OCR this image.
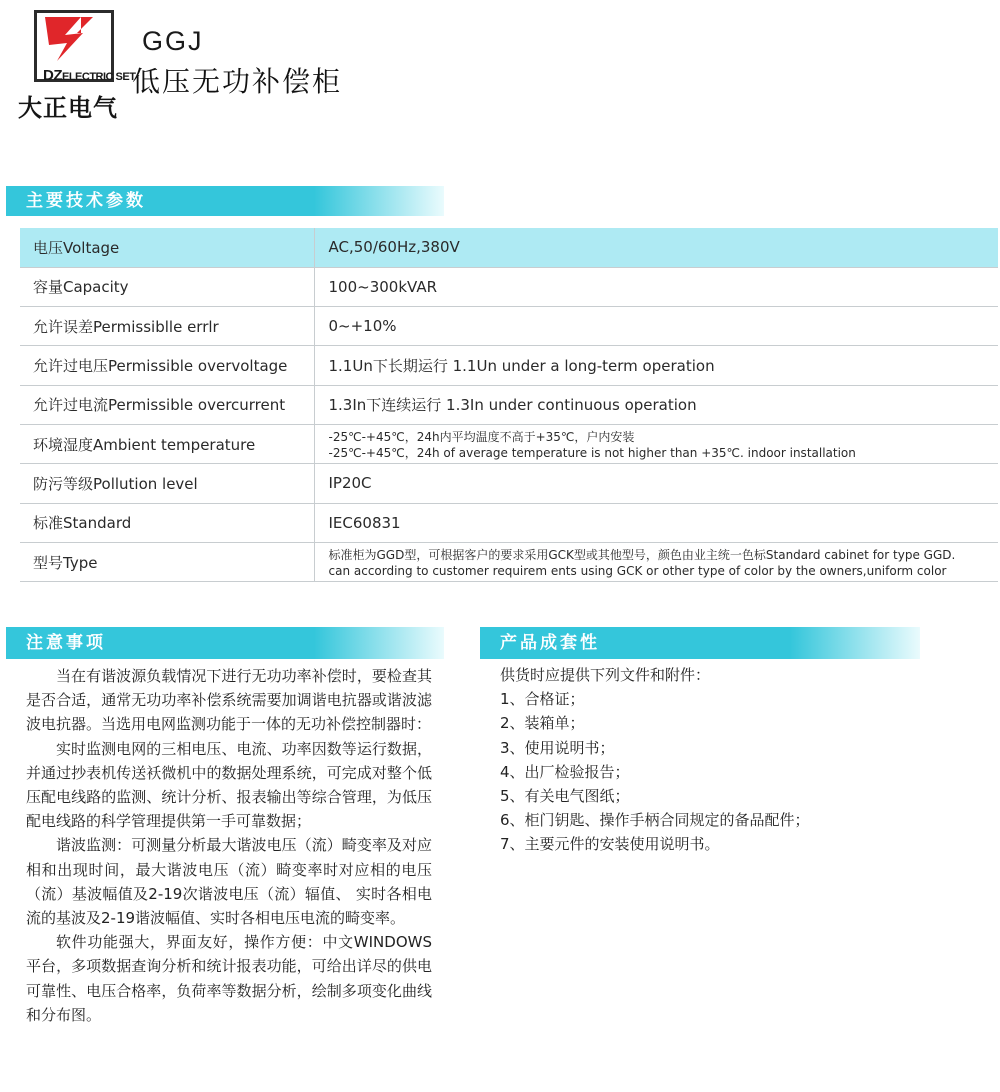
DZELECTRIC SET
大正电气
GGJ
低压无功补偿柜
主要技术参数
电压Voltage	AC,50/60Hz,380V
容量Capacity	100~300kVAR
允许误差Permissiblle errlr	0~+10%
允许过电压Permissible overvoltage	1.1Un下长期运行 1.1Un under a long-term operation
允许过电流Permissible overcurrent	1.3In下连续运行 1.3In under continuous operation
环境湿度Ambient temperature	-25℃-+45℃，24h内平均温度不高于+35℃，户内安装
-25℃-+45℃，24h of average temperature is not higher than +35℃. indoor installation

防污等级Pollution level	IP20C
标准Standard	IEC60831
型号Type	标准柜为GGD型，可根据客户的要求采用GCK型或其他型号，颜色由业主统一色标Standard cabinet for type GGD.
can according to customer requirem ents using GCK or other type of color by the owners,uniform color
注意事项

当在有谐波源负载情况下进行无功功率补偿时，要检查其是否合适，通常无功功率补偿系统需要加调谐电抗器或谐波滤波电抗器。当选用电网监测功能于一体的无功补偿控制器时：

实时监测电网的三相电压、电流、功率因数等运行数据，并通过抄表机传送袄微机中的数据处理系统，可完成对整个低压配电线路的监测、统计分析、报表输出等综合管理，为低压配电线路的科学管理提供第一手可靠数据；

谐波监测：可测量分析最大谐波电压（流）畸变率及对应相和出现时间，最大谐波电压（流）畸变率时对应相的电压（流）基波幅值及2-19次谐波电压（流）辐值、 实时各相电流的基波及2-19谐波幅值、实时各相电压电流的畸变率。

软件功能强大，界面友好，操作方便：中文WINDOWS平台，多项数据查询分析和统计报表功能，可给出详尽的供电可靠性、电压合格率，负荷率等数据分析，绘制多项变化曲线和分布图。

产品成套性
供货时应提供下列文件和附件：
1、合格证；
2、装箱单；
3、使用说明书；
4、出厂检验报告；
5、有关电气图纸；
6、柜门钥匙、操作手柄合同规定的备品配件；
7、主要元件的安装使用说明书。
